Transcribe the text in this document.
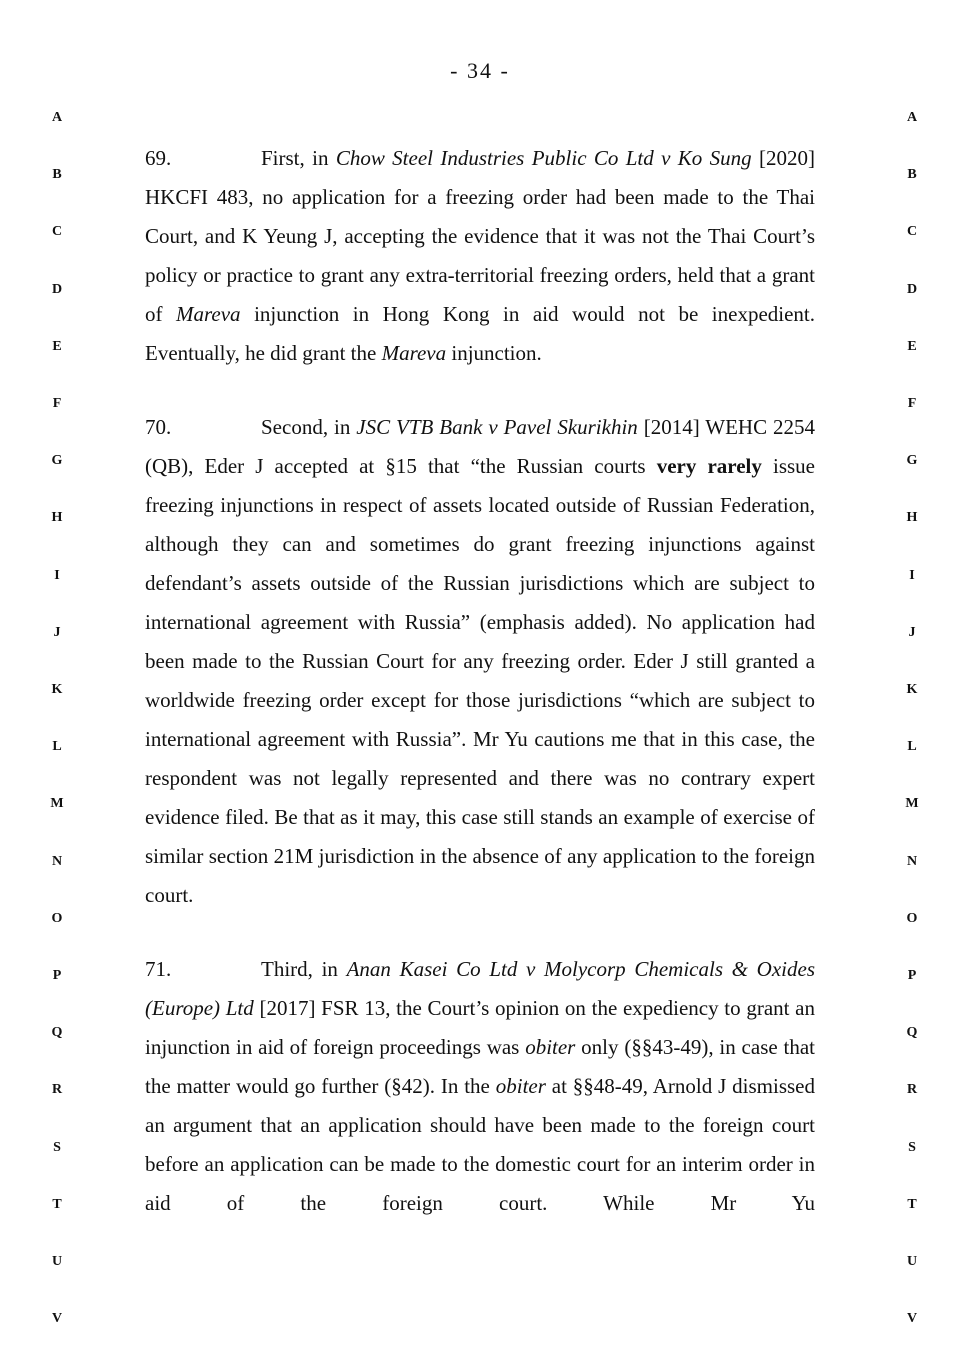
- 34 -
A
B
C
D
E
F
G
H
I
J
K
L
M
N
O
P
Q
R
S
T
U
V
A
B
C
D
E
F
G
H
I
J
K
L
M
N
O
P
Q
R
S
T
U
V

69.	First, in Chow Steel Industries Public Co Ltd v Ko Sung [2020] HKCFI 483, no application for a freezing order had been made to the Thai Court, and K Yeung J, accepting the evidence that it was not the Thai Court’s policy or practice to grant any extra-territorial freezing orders, held that a grant of Mareva injunction in Hong Kong in aid would not be inexpedient. Eventually, he did grant the Mareva injunction.

70.	Second, in JSC VTB Bank v Pavel Skurikhin [2014] WEHC 2254 (QB), Eder J accepted at §15 that “the Russian courts very rarely issue freezing injunctions in respect of assets located outside of Russian Federation, although they can and sometimes do grant freezing injunctions against defendant’s assets outside of the Russian jurisdictions which are subject to international agreement with Russia” (emphasis added). No application had been made to the Russian Court for any freezing order. Eder J still granted a worldwide freezing order except for those jurisdictions “which are subject to international agreement with Russia”. Mr Yu cautions me that in this case, the respondent was not legally represented and there was no contrary expert evidence filed. Be that as it may, this case still stands an example of exercise of similar section 21M jurisdiction in the absence of any application to the foreign court.

71.	Third, in Anan Kasei Co Ltd v Molycorp Chemicals & Oxides (Europe) Ltd [2017] FSR 13, the Court’s opinion on the expediency to grant an injunction in aid of foreign proceedings was obiter only (§§43-49), in case that the matter would go further (§42). In the obiter at §§48-49, Arnold J dismissed an argument that an application should have been made to the foreign court before an application can be made to the domestic court for an interim order in aid of the foreign court. While Mr Yu
